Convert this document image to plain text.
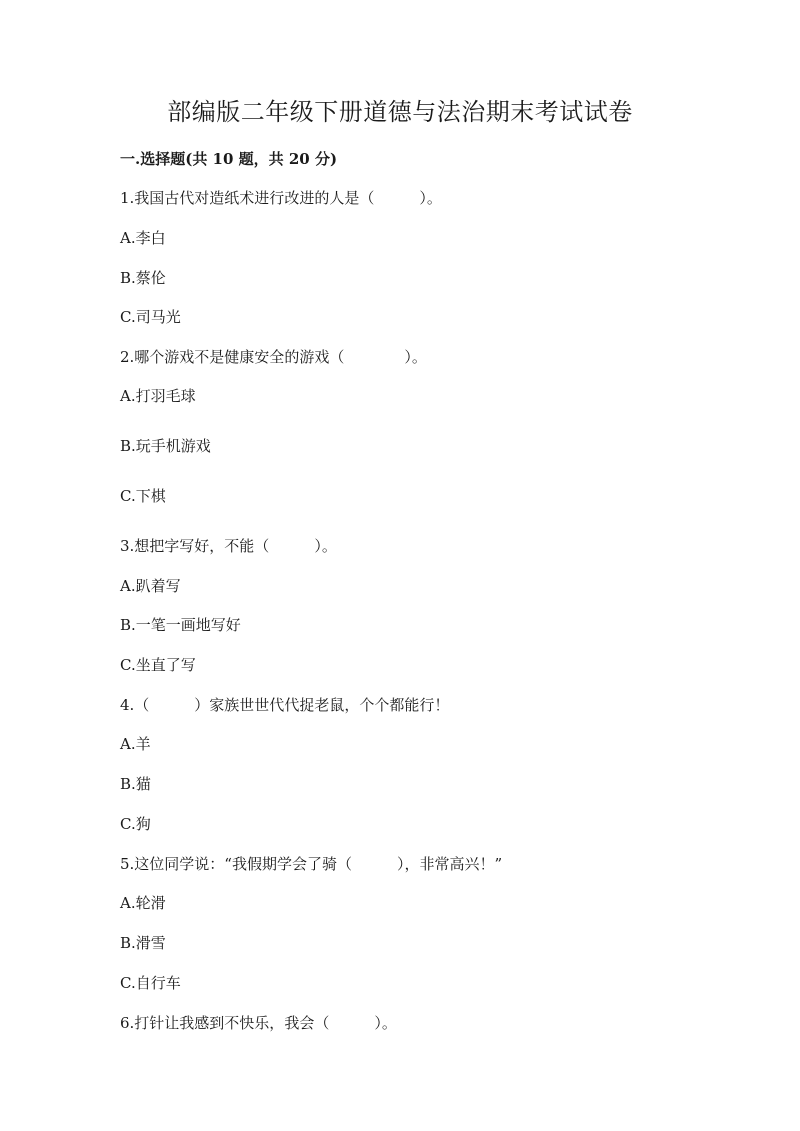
部编版二年级下册道德与法治期末考试试卷
一.选择题(共 10 题，共 20 分)
1.我国古代对造纸术进行改进的人是（　　　）。
A.李白
B.蔡伦
C.司马光
2.哪个游戏不是健康安全的游戏（　　　　）。
A.打羽毛球
B.玩手机游戏
C.下棋
3.想把字写好，不能（　　　）。
A.趴着写
B.一笔一画地写好
C.坐直了写
4.（　　　）家族世世代代捉老鼠，个个都能行！
A.羊
B.猫
C.狗
5.这位同学说：“我假期学会了骑（　　　），非常高兴！”
A.轮滑
B.滑雪
C.自行车
6.打针让我感到不快乐，我会（　　　）。
